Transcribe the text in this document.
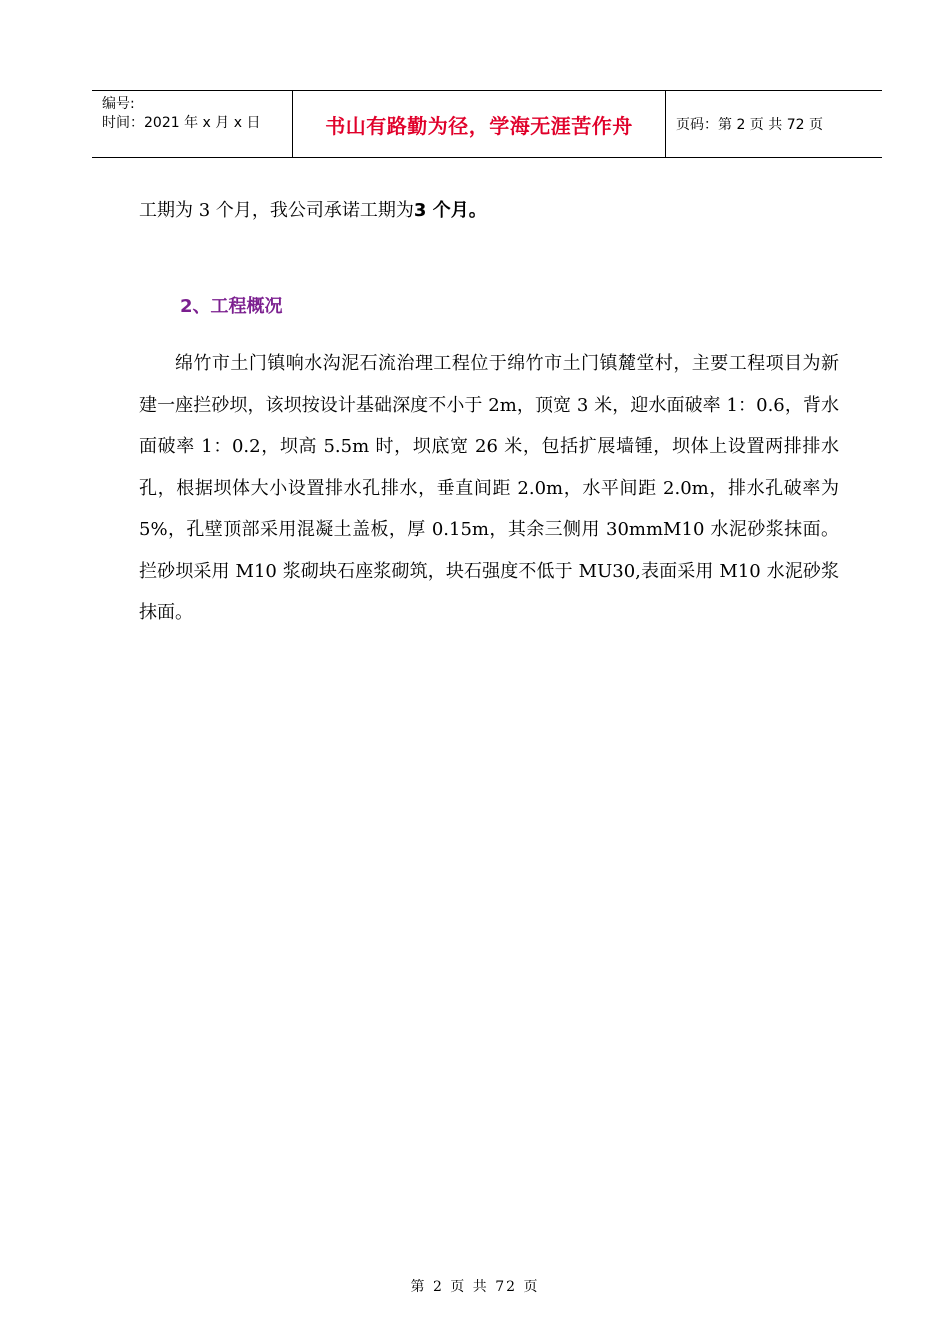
编号:
时间：2021 年 x 月 x 日	书山有路勤为径，学海无涯苦作舟	页码：第 2 页 共 72 页
工期为 3 个月，我公司承诺工期为3 个月。
2、工程概况
绵竹市土门镇响水沟泥石流治理工程位于绵竹市土门镇麓堂村，主要工程项目为新建一座拦砂坝，该坝按设计基础深度不小于 2m，顶宽 3 米，迎水面破率 1：0.6，背水面破率 1：0.2，坝高 5.5m 时，坝底宽 26 米，包括扩展墙锺，坝体上设置两排排水孔，根据坝体大小设置排水孔排水，垂直间距 2.0m，水平间距 2.0m，排水孔破率为 5%，孔壁顶部采用混凝土盖板，厚 0.15m，其余三侧用 30mmM10 水泥砂浆抹面。拦砂坝采用 M10 浆砌块石座浆砌筑，块石强度不低于 MU30,表面采用 M10 水泥砂浆抹面。
第 2 页 共 72 页
